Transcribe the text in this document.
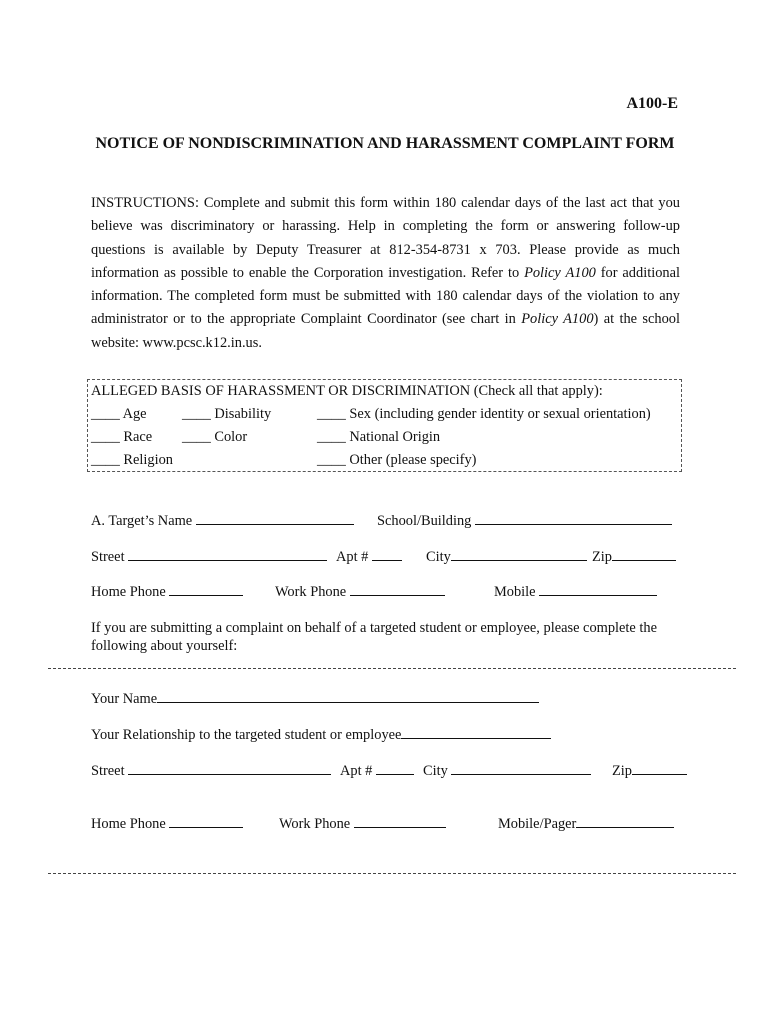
A100-E
NOTICE OF NONDISCRIMINATION AND HARASSMENT COMPLAINT FORM
INSTRUCTIONS: Complete and submit this form within 180 calendar days of the last act that you believe was discriminatory or harassing. Help in completing the form or answering follow-up questions is available by Deputy Treasurer at 812-354-8731 x 703. Please provide as much information as possible to enable the Corporation investigation. Refer to Policy A100 for additional information. The completed form must be submitted with 180 calendar days of the violation to any administrator or to the appropriate Complaint Coordinator (see chart in Policy A100) at the school website: www.pcsc.k12.in.us.
ALLEGED BASIS OF HARASSMENT OR DISCRIMINATION (Check all that apply):
____ Age ____ Disability	____ Sex (including gender identity or sexual orientation)
____ Race ____ Color	____ National Origin
____ Religion	____ Other (please specify)
A. Target’s Name	School/Building
Street	Apt #	City	Zip
Home Phone	Work Phone	Mobile
If you are submitting a complaint on behalf of a targeted student or employee, please complete the following about yourself:
Your Name
Your Relationship to the targeted student or employee
Street	Apt #	City	Zip
Home Phone	Work Phone	Mobile/Pager
